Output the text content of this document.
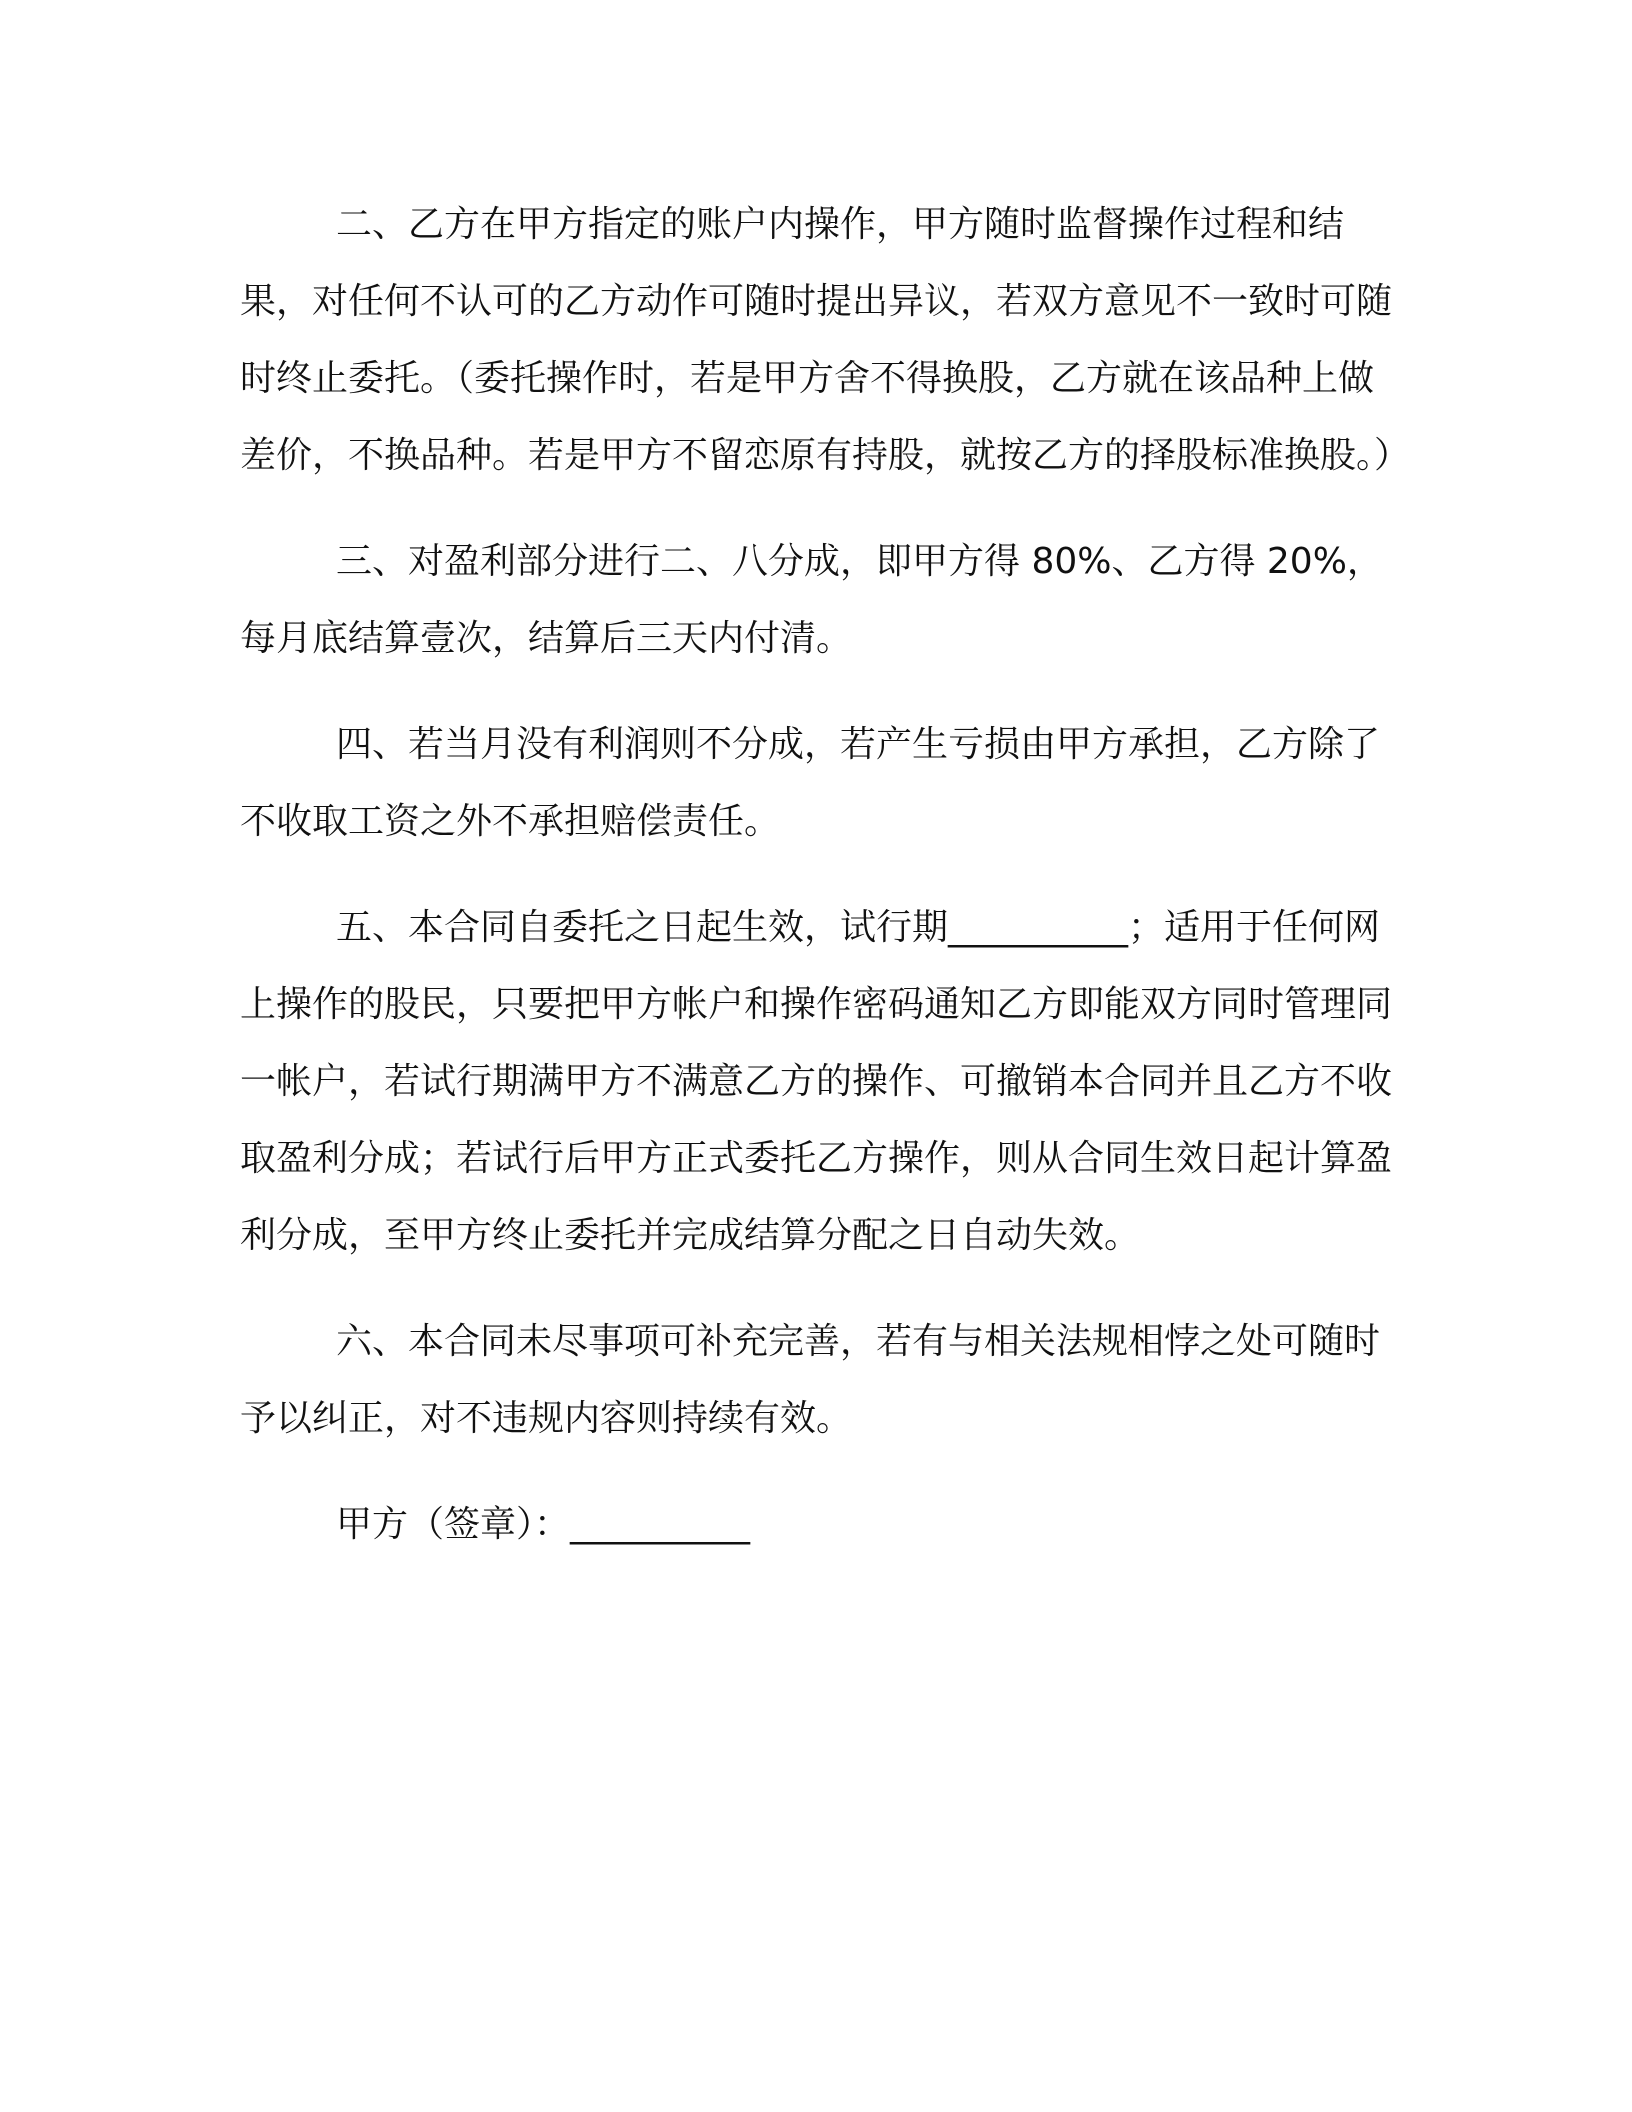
二、乙方在甲方指定的账户内操作，甲方随时监督操作过程和结果，对任何不认可的乙方动作可随时提出异议，若双方意见不一致时可随时终止委托。（委托操作时，若是甲方舍不得换股，乙方就在该品种上做差价，不换品种。若是甲方不留恋原有持股，就按乙方的择股标准换股。）

三、对盈利部分进行二、八分成，即甲方得 80%、乙方得 20%，每月底结算壹次，结算后三天内付清。

四、若当月没有利润则不分成，若产生亏损由甲方承担，乙方除了不收取工资之外不承担赔偿责任。

五、本合同自委托之日起生效，试行期__________；适用于任何网上操作的股民，只要把甲方帐户和操作密码通知乙方即能双方同时管理同一帐户，若试行期满甲方不满意乙方的操作、可撤销本合同并且乙方不收取盈利分成；若试行后甲方正式委托乙方操作，则从合同生效日起计算盈利分成，至甲方终止委托并完成结算分配之日自动失效。

六、本合同未尽事项可补充完善，若有与相关法规相悖之处可随时予以纠正，对不违规内容则持续有效。

甲方（签章）：__________
